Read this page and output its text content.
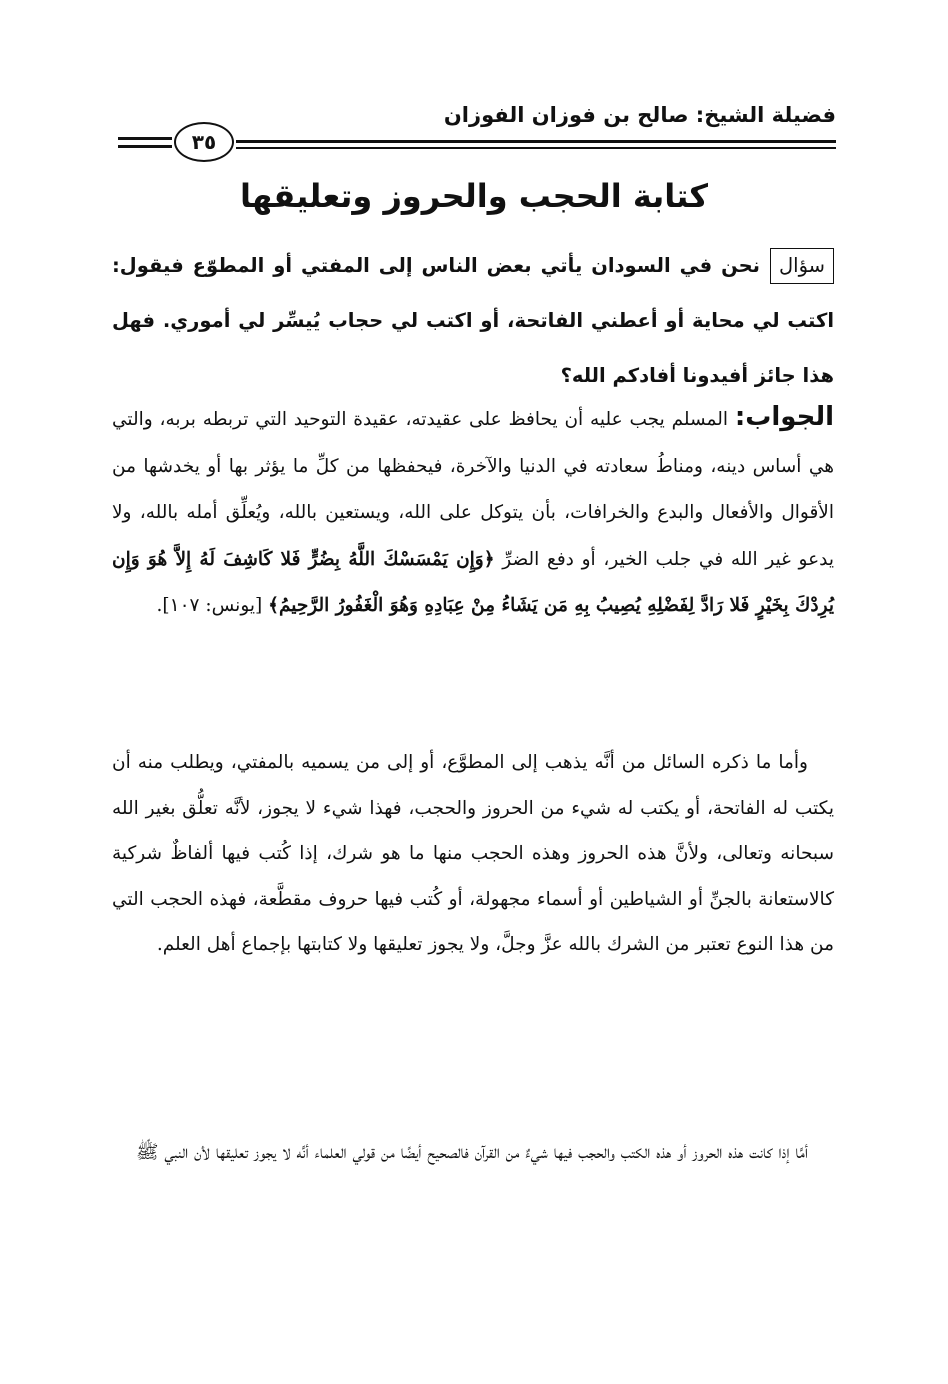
فضيلة الشيخ: صالح بن فوزان الفوزان
٣٥
كتابة الحجب والحروز وتعليقها
سؤالنحن في السودان يأتي بعض الناس إلى المفتي أو المطوّع فيقول: اكتب لي محاية أو أعطني الفاتحة، أو اكتب لي حجاب يُيسِّر لي أموري. فهل هذا جائز أفيدونا أفادكم الله؟
الجواب: المسلم يجب عليه أن يحافظ على عقيدته، عقيدة التوحيد التي تربطه بربه، والتي هي أساس دينه، ومناطُ سعادته في الدنيا والآخرة، فيحفظها من كلِّ ما يؤثر بها أو يخدشها من الأقوال والأفعال والبدع والخرافات، بأن يتوكل على الله، ويستعين بالله، ويُعلِّق أمله بالله، ولا يدعو غير الله في جلب الخير، أو دفع الضرِّ ﴿وَإِن يَمْسَسْكَ اللَّهُ بِضُرٍّ فَلا كَاشِفَ لَهُ إِلاَّ هُوَ وَإِن يُرِدْكَ بِخَيْرٍ فَلا رَادَّ لِفَضْلِهِ يُصِيبُ بِهِ مَن يَشَاءُ مِنْ عِبَادِهِ وَهُوَ الْغَفُورُ الرَّحِيمُ﴾ [يونس: ١٠٧].
وأما ما ذكره السائل من أنَّه يذهب إلى المطوَّع، أو إلى من يسميه بالمفتي، ويطلب منه أن يكتب له الفاتحة، أو يكتب له شيء من الحروز والحجب، فهذا شيء لا يجوز، لأنَّه تعلُّق بغير الله سبحانه وتعالى، ولأنَّ هذه الحروز وهذه الحجب منها ما هو شرك، إذا كُتب فيها ألفاظٌ شركية كالاستعانة بالجنِّ أو الشياطين أو أسماء مجهولة، أو كُتب فيها حروف مقطَّعة، فهذه الحجب التي من هذا النوع تعتبر من الشرك بالله عزَّ وجلَّ، ولا يجوز تعليقها ولا كتابتها بإجماع أهل العلم.
أمَّا إذا كانت هذه الحروز أو هذه الكتب والحجب فيها شيءٌ من القرآن فالصحيح أيضًا من قولي العلماء أنَّه لا يجوز تعليقها لأن النبي ﷺ
